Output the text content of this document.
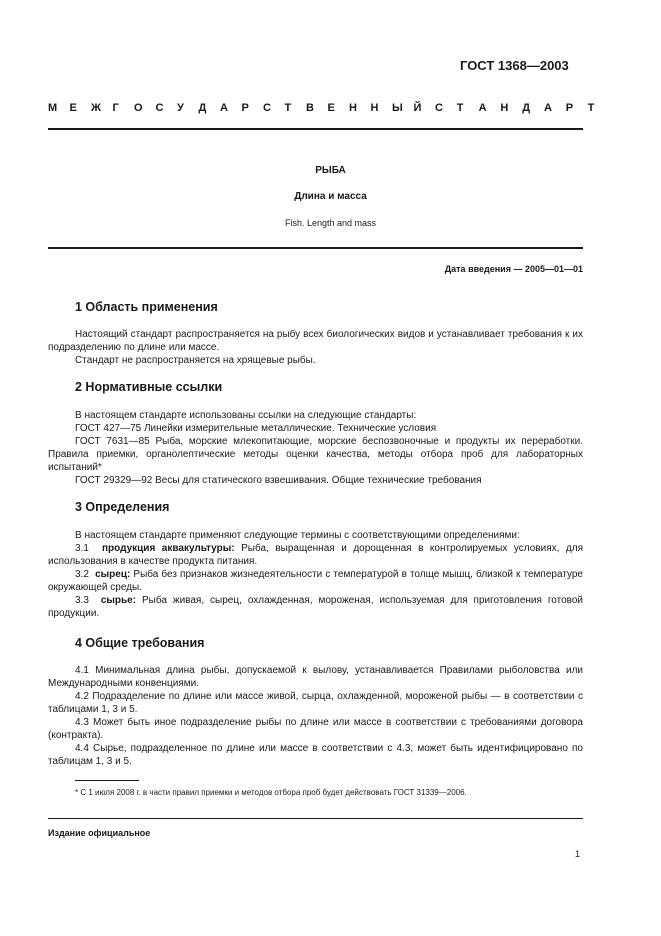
ГОСТ 1368—2003
М	Е	Ж	Г	О	С	У	Д	А	Р	С	Т	В	Е	Н	Н	Ы Й	С	Т	А	Н	Д	А	Р	Т
РЫБА
Длина и масса
Fish. Length and mass
Дата введения — 2005—01—01
1 Область применения

Настоящий стандарт распространяется на рыбу всех биологических видов и устанавливает требования к их подразделению по длине или массе.

Стандарт не распространяется на хрящевые рыбы.

2 Нормативные ссылки

В настоящем стандарте использованы ссылки на следующие стандарты:

ГОСТ 427—75 Линейки измерительные металлические. Технические условия

ГОСТ 7631—85 Рыба, морские млекопитающие, морские беспозвоночные и продукты их переработки. Правила приемки, органолептические методы оценки качества, методы отбора проб для лабораторных испытаний*

ГОСТ 29329—92 Весы для статического взвешивания. Общие технические требования

3 Определения

В настоящем стандарте применяют следующие термины с соответствующими определениями:

3.1 продукция аквакультуры: Рыба, выращенная и дорощенная в контролируемых условиях, для использования в качестве продукта питания.

3.2 сырец: Рыба без признаков жизнедеятельности с температурой в толще мышц, близкой к температуре окружающей среды.

3.3 сырье: Рыба живая, сырец, охлажденная, мороженая, используемая для приготовления готовой продукции.

4 Общие требования

4.1 Минимальная длина рыбы, допускаемой к вылову, устанавливается Правилами рыболовства или Международными конвенциями.

4.2 Подразделение по длине или массе живой, сырца, охлажденной, мороженой рыбы — в соответствии с таблицами 1, 3 и 5.

4.3 Может быть иное подразделение рыбы по длине или массе в соответствии с требованиями договора (контракта).

4.4 Сырье, подразделенное по длине или массе в соответствии с 4.3, может быть идентифицировано по таблицам 1, 3 и 5.

* С 1 июля 2008 г. в части правил приемки и методов отбора проб будет действовать ГОСТ 31339—2006.
Издание официальное
1
